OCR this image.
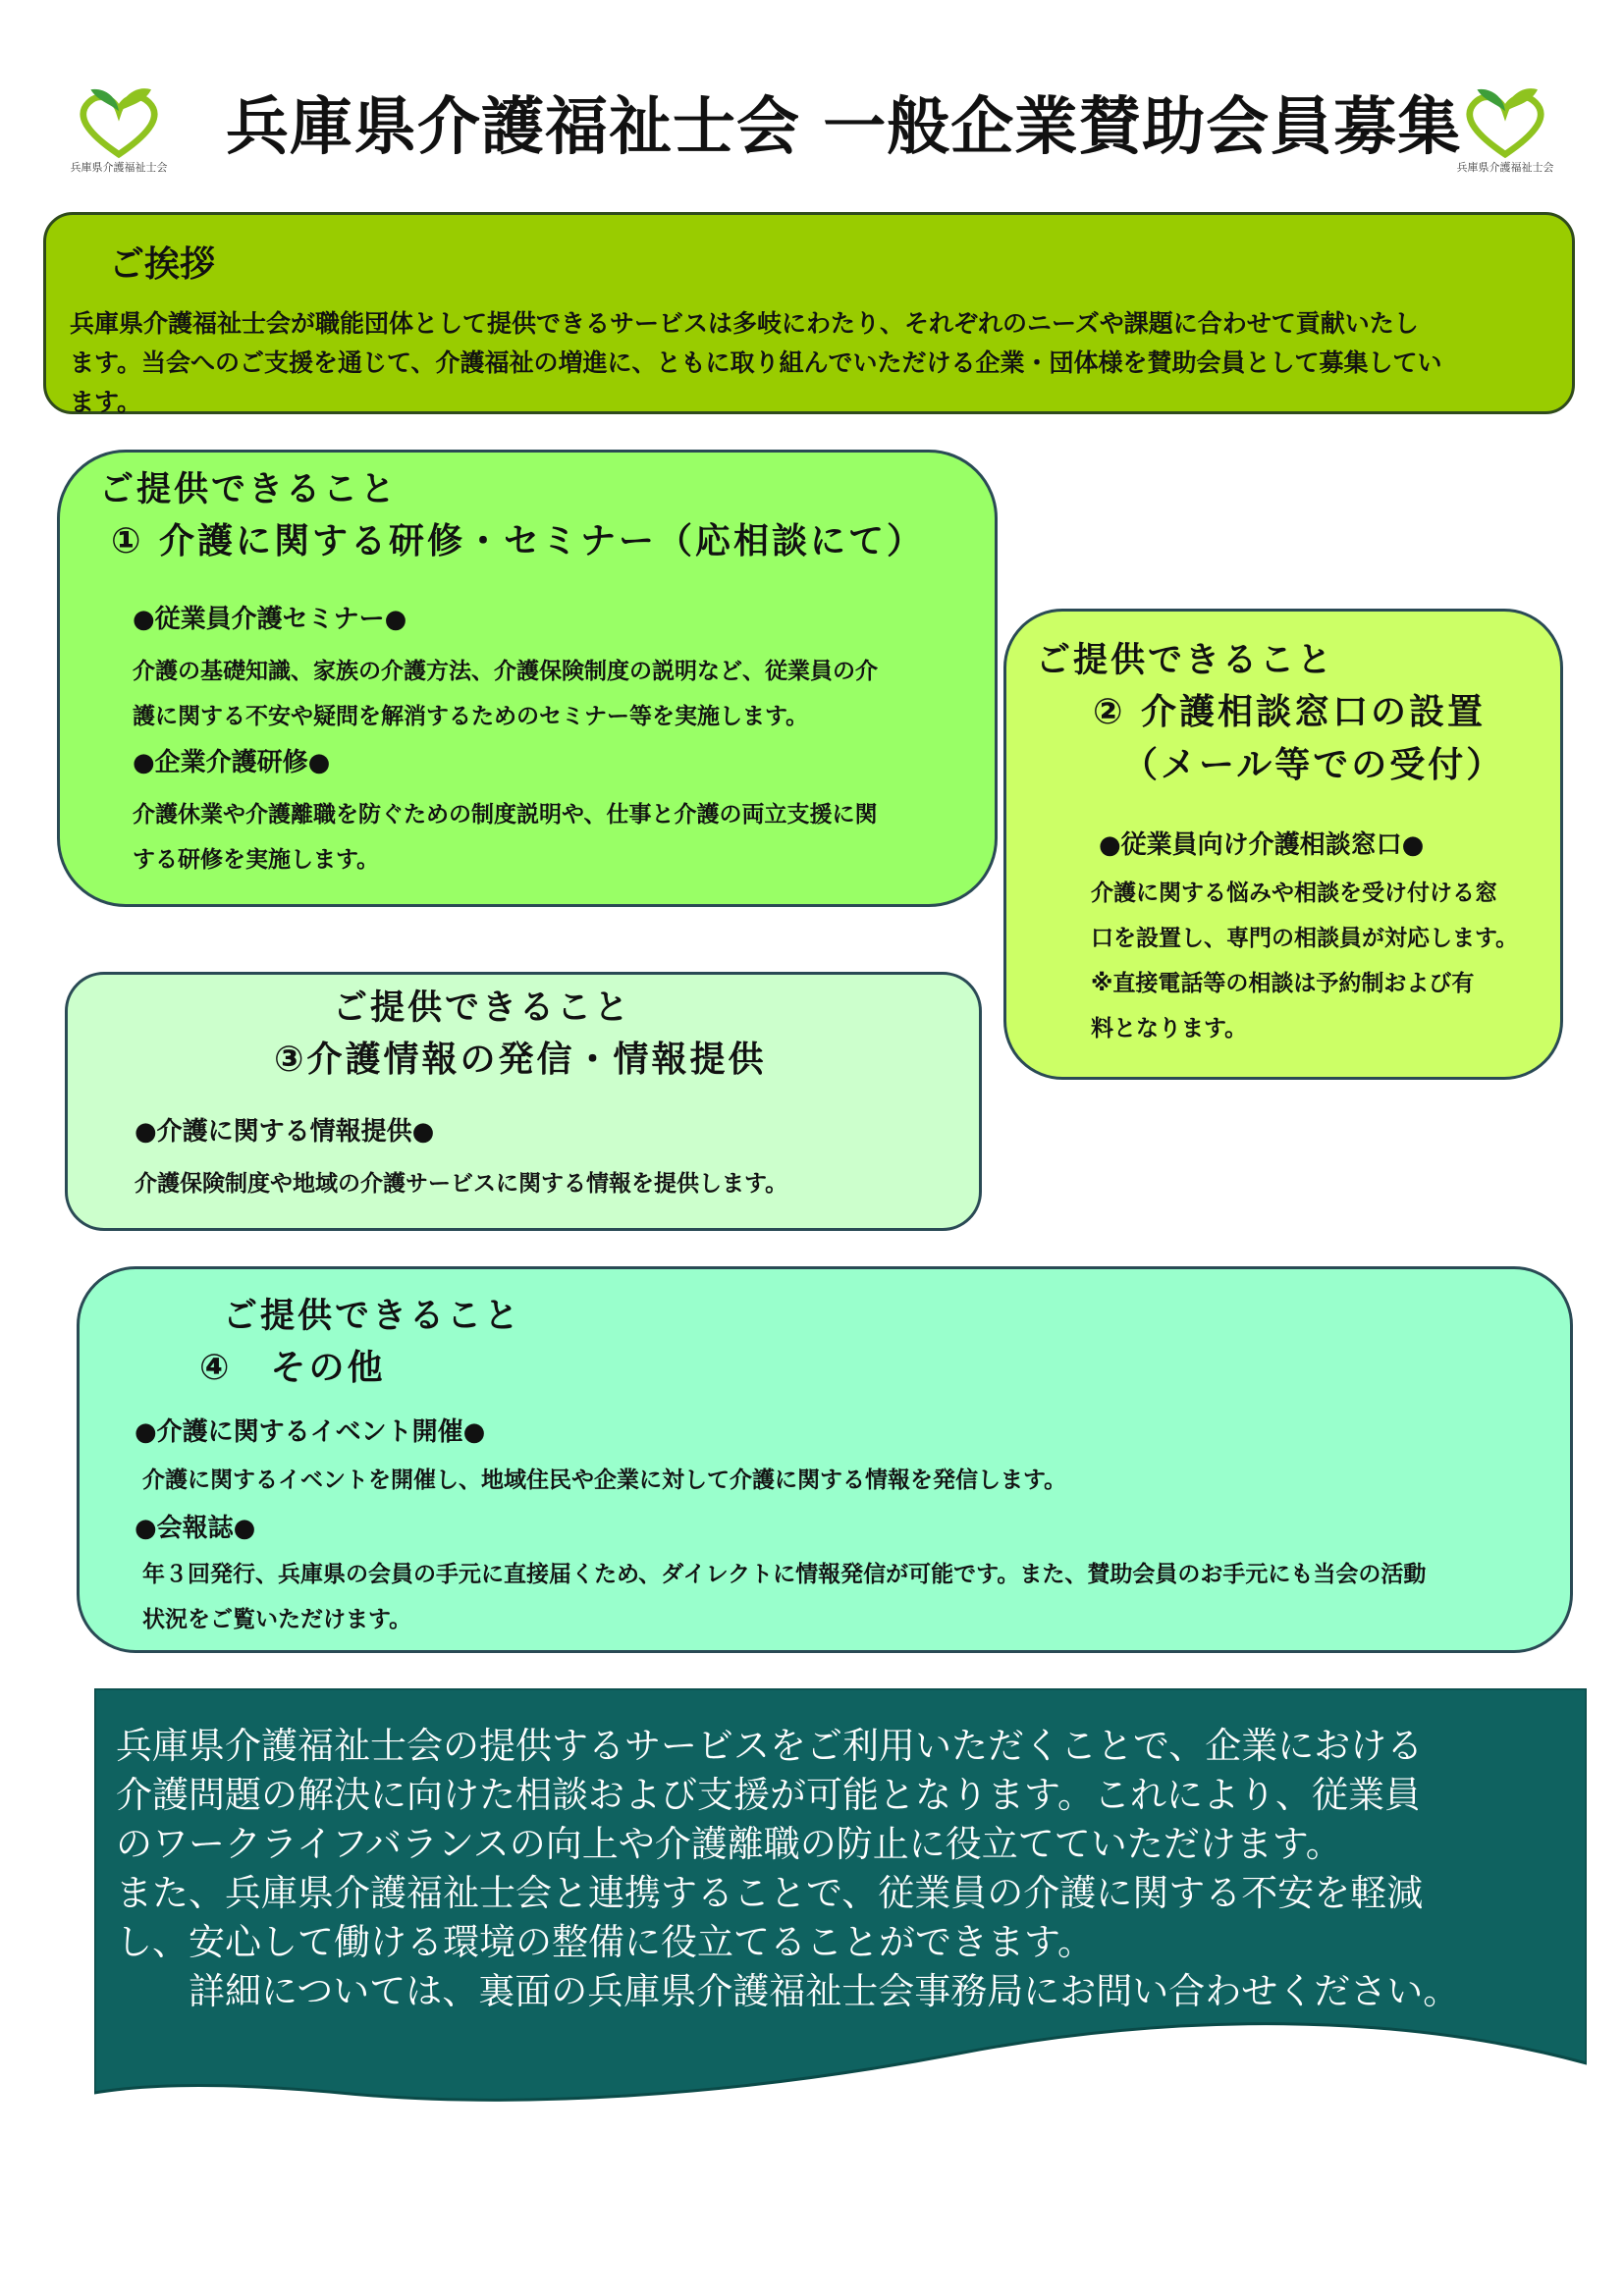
兵庫県介護福祉士会	兵庫県介護福祉士会
兵庫県介護福祉士会 一般企業賛助会員募集
ご挨拶
兵庫県介護福祉士会が職能団体として提供できるサービスは多岐にわたり、それぞれのニーズや課題に合わせて貢献いたし
ます。当会へのご支援を通じて、介護福祉の増進に、ともに取り組んでいただける企業・団体様を賛助会員として募集してい
ます。
ご提供できること
① 介護に関する研修・セミナー（応相談にて）
●従業員介護セミナー●
介護の基礎知識、家族の介護方法、介護保険制度の説明など、従業員の介
護に関する不安や疑問を解消するためのセミナー等を実施します。
●企業介護研修●
介護休業や介護離職を防ぐための制度説明や、仕事と介護の両立支援に関
する研修を実施します。
ご提供できること
② 介護相談窓口の設置
（メール等での受付）
●従業員向け介護相談窓口●
介護に関する悩みや相談を受け付ける窓
口を設置し、専門の相談員が対応します。
※直接電話等の相談は予約制および有
料となります。
ご提供できること
③介護情報の発信・情報提供
●介護に関する情報提供●
介護保険制度や地域の介護サービスに関する情報を提供します。
ご提供できること
④　その他
●介護に関するイベント開催●
介護に関するイベントを開催し、地域住民や企業に対して介護に関する情報を発信します。
●会報誌●
年３回発行、兵庫県の会員の手元に直接届くため、ダイレクトに情報発信が可能です。また、賛助会員のお手元にも当会の活動
状況をご覧いただけます。
兵庫県介護福祉士会の提供するサービスをご利用いただくことで、企業における
介護問題の解決に向けた相談および支援が可能となります。これにより、従業員
のワークライフバランスの向上や介護離職の防止に役立てていただけます。
また、兵庫県介護福祉士会と連携することで、従業員の介護に関する不安を軽減
し、安心して働ける環境の整備に役立てることができます。
　　詳細については、裏面の兵庫県介護福祉士会事務局にお問い合わせください。
